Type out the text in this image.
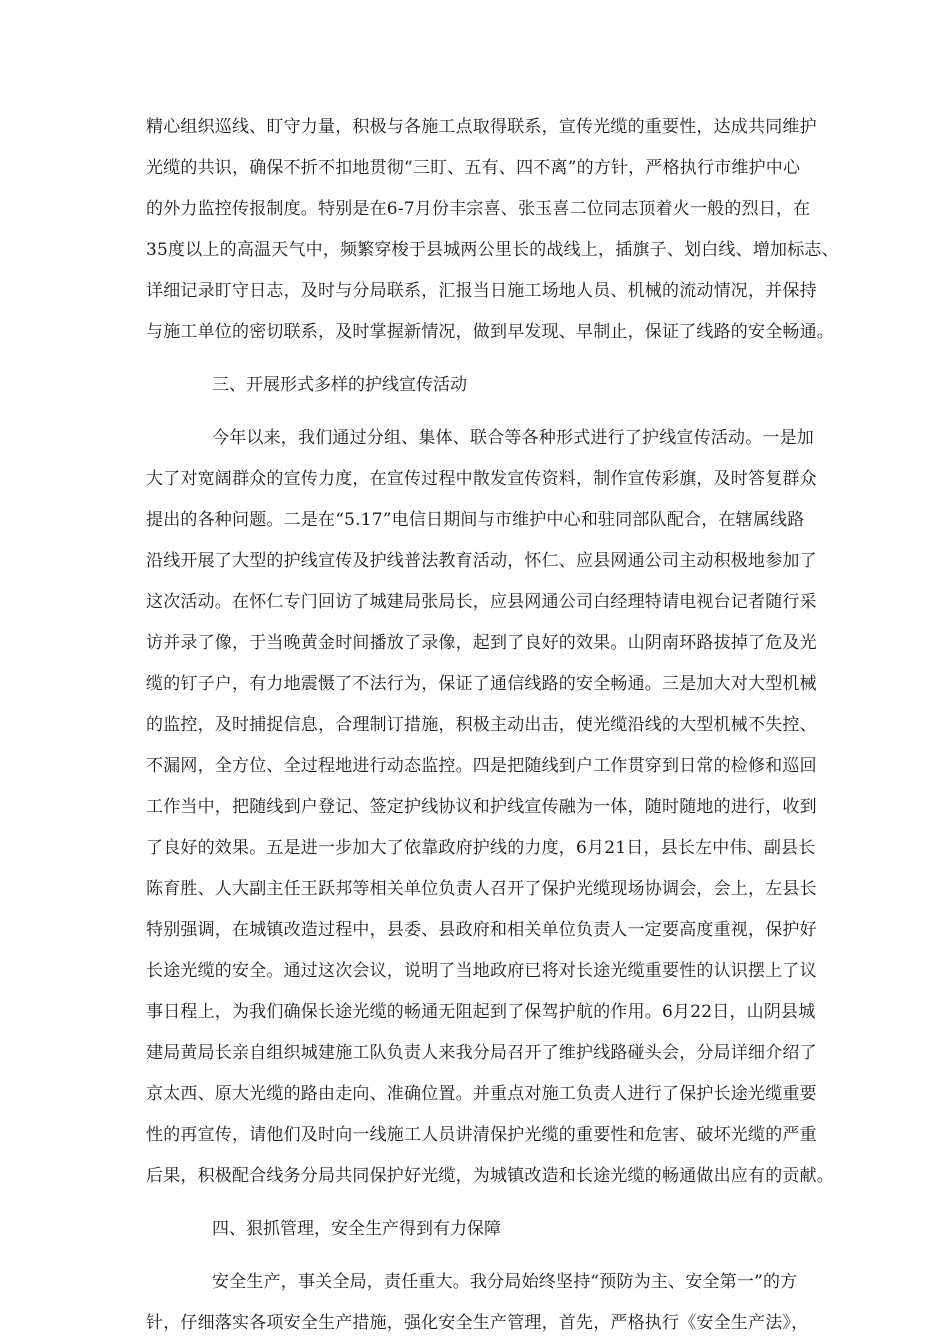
精心组织巡线、盯守力量，积极与各施工点取得联系，宣传光缆的重要性，达成共同维护
光缆的共识，确保不折不扣地贯彻“三盯、五有、四不离”的方针，严格执行市维护中心
的外力监控传报制度。特别是在6-7月份丰宗喜、张玉喜二位同志顶着火一般的烈日，在
35度以上的高温天气中，频繁穿梭于县城两公里长的战线上，插旗子、划白线、增加标志、
详细记录盯守日志，及时与分局联系，汇报当日施工场地人员、机械的流动情况，并保持
与施工单位的密切联系，及时掌握新情况，做到早发现、早制止，保证了线路的安全畅通。
三、开展形式多样的护线宣传活动
今年以来，我们通过分组、集体、联合等各种形式进行了护线宣传活动。一是加
大了对宽阔群众的宣传力度，在宣传过程中散发宣传资料，制作宣传彩旗，及时答复群众
提出的各种问题。二是在“5.17”电信日期间与市维护中心和驻同部队配合，在辖属线路
沿线开展了大型的护线宣传及护线普法教育活动，怀仁、应县网通公司主动积极地参加了
这次活动。在怀仁专门回访了城建局张局长，应县网通公司白经理特请电视台记者随行采
访并录了像，于当晚黄金时间播放了录像，起到了良好的效果。山阴南环路拔掉了危及光
缆的钉子户，有力地震慑了不法行为，保证了通信线路的安全畅通。三是加大对大型机械
的监控，及时捕捉信息，合理制订措施，积极主动出击，使光缆沿线的大型机械不失控、
不漏网，全方位、全过程地进行动态监控。四是把随线到户工作贯穿到日常的检修和巡回
工作当中，把随线到户登记、签定护线协议和护线宣传融为一体，随时随地的进行，收到
了良好的效果。五是进一步加大了依靠政府护线的力度，6月21日，县长左中伟、副县长
陈育胜、人大副主任王跃邦等相关单位负责人召开了保护光缆现场协调会，会上，左县长
特别强调，在城镇改造过程中，县委、县政府和相关单位负责人一定要高度重视，保护好
长途光缆的安全。通过这次会议，说明了当地政府已将对长途光缆重要性的认识摆上了议
事日程上，为我们确保长途光缆的畅通无阻起到了保驾护航的作用。6月22日，山阴县城
建局黄局长亲自组织城建施工队负责人来我分局召开了维护线路碰头会，分局详细介绍了
京太西、原大光缆的路由走向、准确位置。并重点对施工负责人进行了保护长途光缆重要
性的再宣传，请他们及时向一线施工人员讲清保护光缆的重要性和危害、破坏光缆的严重
后果，积极配合线务分局共同保护好光缆，为城镇改造和长途光缆的畅通做出应有的贡献。
四、狠抓管理，安全生产得到有力保障
安全生产，事关全局，责任重大。我分局始终坚持“预防为主、安全第一”的方
针，仔细落实各项安全生产措施，强化安全生产管理，首先，严格执行《安全生产法》，
